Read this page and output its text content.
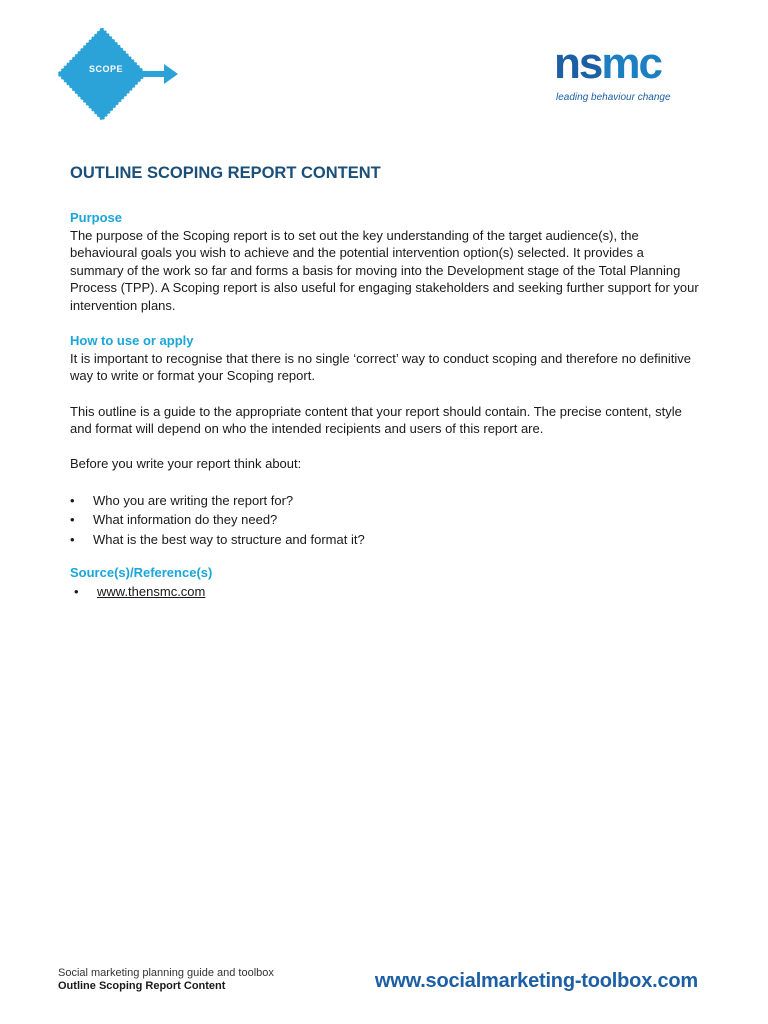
SCOPE	nsmc
leading behaviour change
OUTLINE SCOPING REPORT CONTENT
Purpose

The purpose of the Scoping report is to set out the key understanding of the target audience(s), the behavioural goals you wish to achieve and the potential intervention option(s) selected. It provides a summary of the work so far and forms a basis for moving into the Development stage of the Total Planning Process (TPP). A Scoping report is also useful for engaging stakeholders and seeking further support for your intervention plans.

How to use or apply

It is important to recognise that there is no single ‘correct’ way to conduct scoping and therefore no definitive way to write or format your Scoping report.

This outline is a guide to the appropriate content that your report should contain. The precise content, style and format will depend on who the intended recipients and users of this report are.

Before you write your report think about:

• Who you are writing the report for?
• What information do they need?
• What is the best way to structure and format it?
Source(s)/Reference(s)
• www.thensmc.com
Social marketing planning guide and toolbox
Outline Scoping Report Content	www.socialmarketing-toolbox.com
